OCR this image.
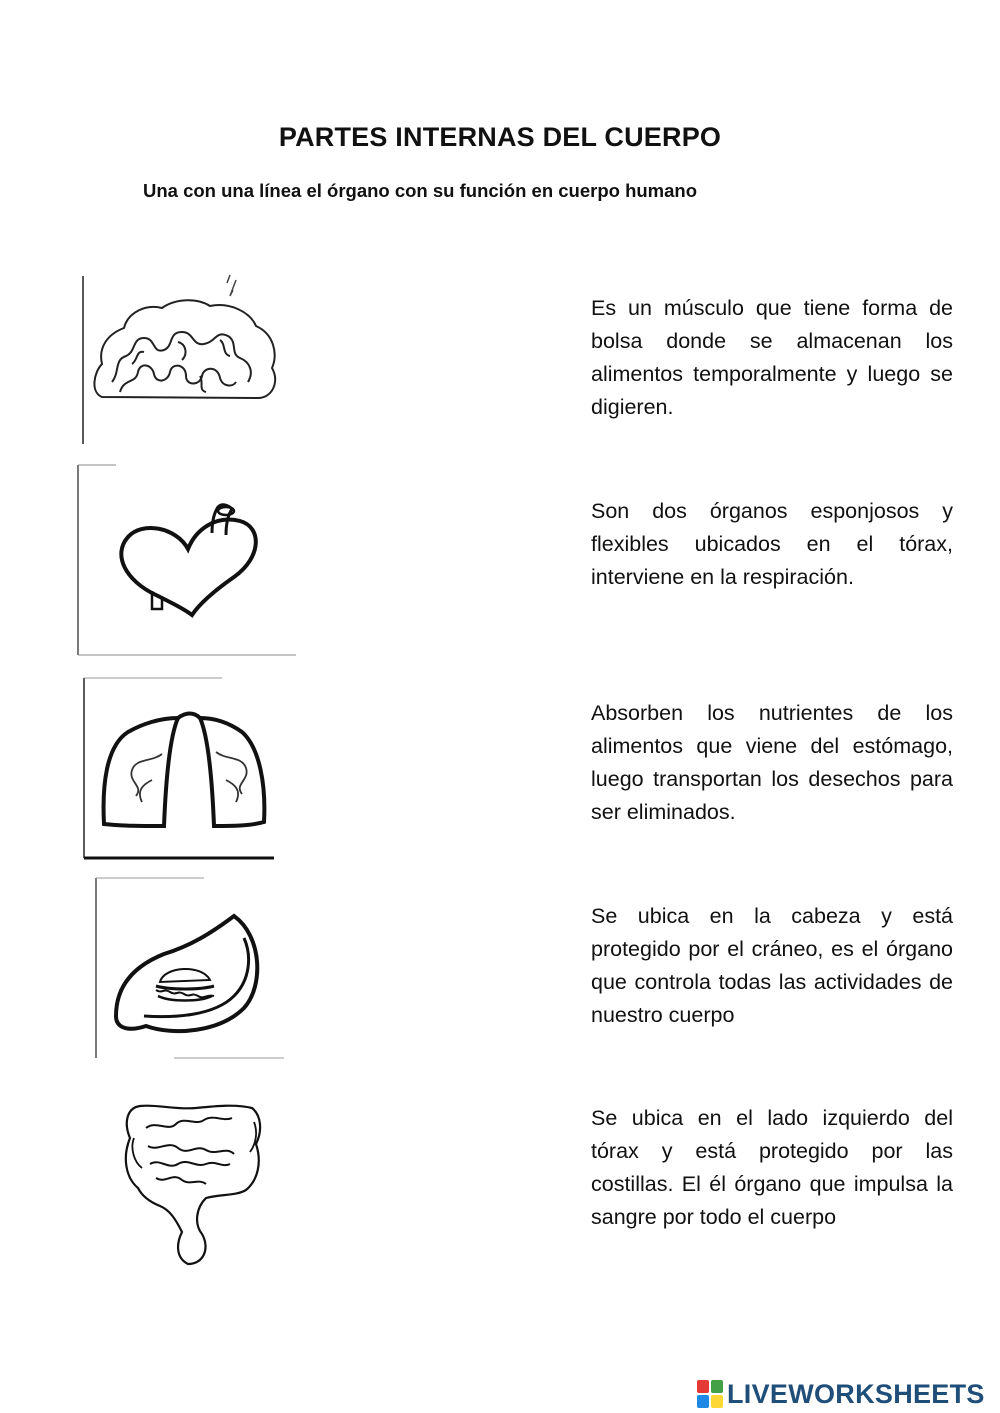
PARTES INTERNAS DEL CUERPO

Una con una línea el órgano con su función en cuerpo humano

Es un músculo que tiene forma de bolsa donde se almacenan los alimentos temporalmente y luego se digieren.

Son dos órganos esponjosos y flexibles ubicados en el tórax, interviene en la respiración.

Absorben los nutrientes de los alimentos que viene del estómago, luego transportan los desechos para ser eliminados.

Se ubica en la cabeza y está protegido por el cráneo, es el órgano que controla todas las actividades de nuestro cuerpo

Se ubica en el lado izquierdo del tórax y está protegido por las costillas. El él órgano que impulsa la sangre por todo el cuerpo

LIVEWORKSHEETS
